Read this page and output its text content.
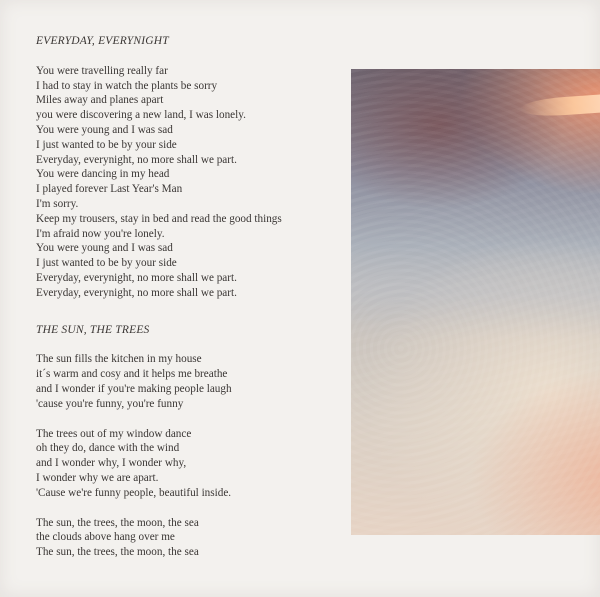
EVERYDAY, EVERYNIGHT
You were travelling really far
I had to stay in watch the plants be sorry
Miles away and planes apart
you were discovering a new land, I was lonely.
You were young and I was sad
I just wanted to be by your side
Everyday, everynight, no more shall we part.
You were dancing in my head
I played forever Last Year's Man
I'm sorry.
Keep my trousers, stay in bed and read the good things
I'm afraid now you're lonely.
You were young and I was sad
I just wanted to be by your side
Everyday, everynight, no more shall we part.
Everyday, everynight, no more shall we part.
THE SUN, THE TREES
The sun fills the kitchen in my house
it´s warm and cosy and it helps me breathe
and I wonder if you're making people laugh
'cause you're funny, you're funny
The trees out of my window dance
oh they do, dance with the wind
and I wonder why, I wonder why,
I wonder why we are apart.
'Cause we're funny people, beautiful inside.
The sun, the trees, the moon, the sea
the clouds above hang over me
The sun, the trees, the moon, the sea
